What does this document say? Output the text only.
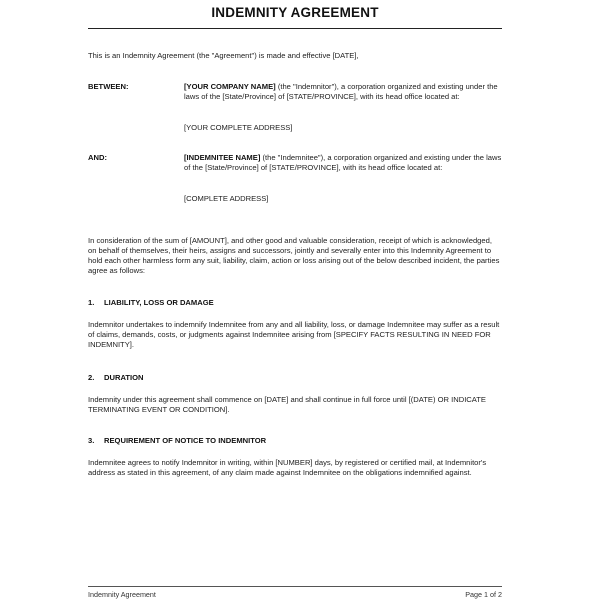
INDEMNITY AGREEMENT
This is an Indemnity Agreement (the "Agreement") is made and effective [DATE],
BETWEEN:	[YOUR COMPANY NAME] (the "Indemnitor"), a corporation organized and existing under the laws of the [State/Province] of [STATE/PROVINCE], with its head office located at:
[YOUR COMPLETE ADDRESS]
AND:	[INDEMNITEE NAME] (the "Indemnitee"), a corporation organized and existing under the laws of the [State/Province] of [STATE/PROVINCE], with its head office located at:
[COMPLETE ADDRESS]
In consideration of the sum of [AMOUNT], and other good and valuable consideration, receipt of which is acknowledged, on behalf of themselves, their heirs, assigns and successors, jointly and severally enter into this Indemnity Agreement to hold each other harmless form any suit, liability, claim, action or loss arising out of the below described incident, the parties agree as follows:
1. LIABILITY, LOSS OR DAMAGE
Indemnitor undertakes to indemnify Indemnitee from any and all liability, loss, or damage Indemnitee may suffer as a result of claims, demands, costs, or judgments against Indemnitee arising from [SPECIFY FACTS RESULTING IN NEED FOR INDEMNITY].
2. DURATION
Indemnity under this agreement shall commence on [DATE] and shall continue in full force until [(DATE) OR INDICATE TERMINATING EVENT OR CONDITION].
3. REQUIREMENT OF NOTICE TO INDEMNITOR
Indemnitee agrees to notify Indemnitor in writing, within [NUMBER] days, by registered or certified mail, at Indemnitor's address as stated in this agreement, of any claim made against Indemnitee on the obligations indemnified against.
Indemnity Agreement	Page 1 of 2
